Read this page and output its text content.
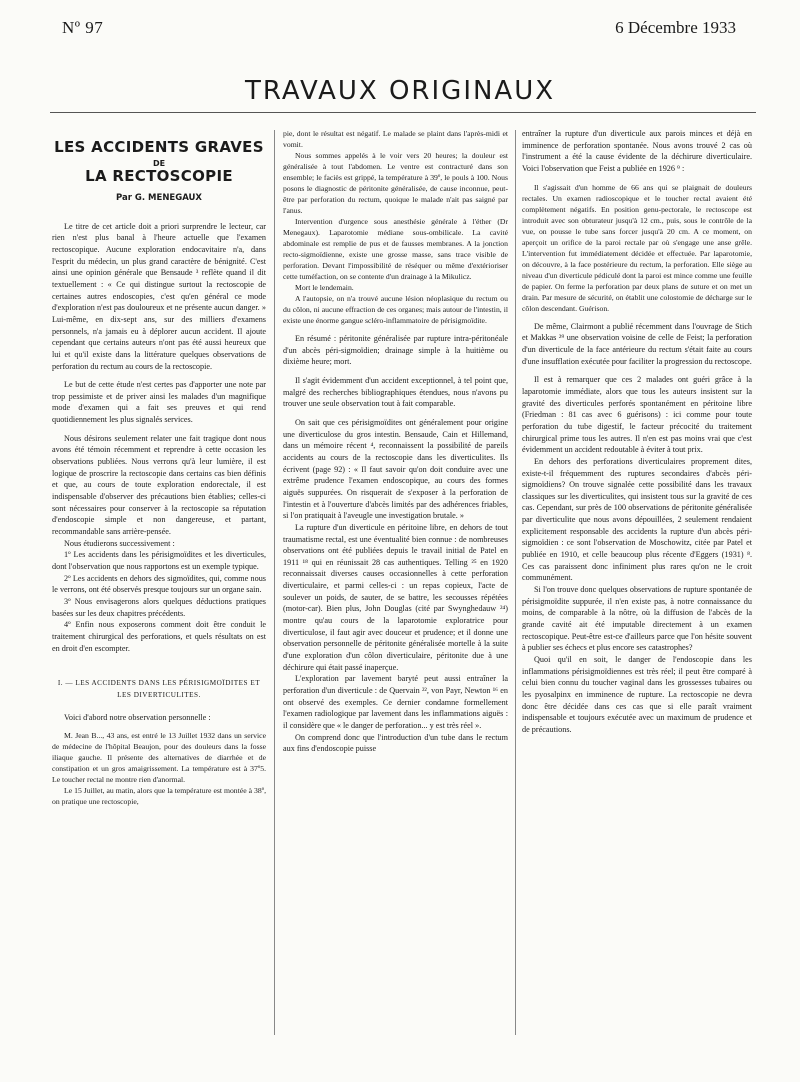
Nº 97	6 Décembre 1933
TRAVAUX ORIGINAUX
LES ACCIDENTS GRAVES
DE
LA RECTOSCOPIE
Par G. MENEGAUX

Le titre de cet article doit a priori surprendre le lecteur, car rien n'est plus banal à l'heure actuelle que l'examen rectoscopique. Aucune exploration endocavitaire n'a, dans l'esprit du médecin, un plus grand caractère de bénignité. C'est ainsi une opinion générale que Bensaude ³ reflète quand il dit textuellement : « Ce qui distingue surtout la rectoscopie de certaines autres endoscopies, c'est qu'en général ce mode d'exploration n'est pas douloureux et ne présente aucun danger. » Lui-même, en dix-sept ans, sur des milliers d'examens personnels, n'a jamais eu à déplorer aucun accident. Il ajoute cependant que certains auteurs n'ont pas été aussi heureux que lui et qu'il existe dans la littérature quelques observations de perforation du rectum au cours de la rectoscopie.

Le but de cette étude n'est certes pas d'apporter une note par trop pessimiste et de priver ainsi les malades d'un magnifique mode d'examen qui a fait ses preuves et qui rend quotidiennement les plus signalés services.

Nous désirons seulement relater une fait tragique dont nous avons été témoin récemment et reprendre à cette occasion les observations publiées. Nous verrons qu'à leur lumière, il est logique de proscrire la rectoscopie dans certains cas bien définis et que, au cours de toute exploration endorectale, il est indispensable d'observer des précautions bien établies; celles-ci sont nécessaires pour conserver à la rectoscopie sa réputation d'endoscopie simple et non dangereuse, et partant, recommandable sans arrière-pensée.

Nous étudierons successivement :

1º Les accidents dans les périsigmoïdites et les diverticules, dont l'observation que nous rapportons est un exemple typique.

2º Les accidents en dehors des sigmoïdites, qui, comme nous le verrons, ont été observés presque toujours sur un organe sain.

3º Nous envisagerons alors quelques déductions pratiques basées sur les deux chapitres précédents.

4º Enfin nous exposerons comment doit être conduit le traitement chirurgical des perforations, et quels résultats on est en droit d'en escompter.

I. — LES ACCIDENTS DANS LES PÉRISIGMOÏDITES ET LES DIVERTICULITES.

Voici d'abord notre observation personnelle :

M. Jean B..., 43 ans, est entré le 13 Juillet 1932 dans un service de médecine de l'hôpital Beaujon, pour des douleurs dans la fosse iliaque gauche. Il présente des alternatives de diarrhée et de constipation et un gros amaigrissement. La température est à 37º5. Le toucher rectal ne montre rien d'anormal.

Le 15 Juillet, au matin, alors que la température est montée à 38º, on pratique une rectoscopie,

pie, dont le résultat est négatif. Le malade se plaint dans l'après-midi et vomit.

Nous sommes appelés à le voir vers 20 heures; la douleur est généralisée à tout l'abdomen. Le ventre est contracturé dans son ensemble; le faciès est grippé, la température à 39º, le pouls à 100. Nous posons le diagnostic de péritonite généralisée, de cause inconnue, peut-être par perforation du rectum, quoique le malade n'ait pas saigné par l'anus.

Intervention d'urgence sous anesthésie générale à l'éther (Dr Menegaux). Laparotomie médiane sous-ombilicale. La cavité abdominale est remplie de pus et de fausses membranes. A la jonction recto-sigmoïdienne, existe une grosse masse, sans trace visible de perforation. Devant l'impossibilité de réséquer ou même d'extérioriser cette tuméfaction, on se contente d'un drainage à la Mikulicz.

Mort le lendemain.

A l'autopsie, on n'a trouvé aucune lésion néoplasique du rectum ou du côlon, ni aucune effraction de ces organes; mais autour de l'intestin, il existe une énorme gangue scléro-inflammatoire de périsigmoïdite.

En résumé : péritonite généralisée par rupture intra-péritonéale d'un abcès péri-sigmoïdien; drainage simple à la huitième ou dixième heure; mort.

Il s'agit évidemment d'un accident exceptionnel, à tel point que, malgré des recherches bibliographiques étendues, nous n'avons pu trouver une seule observation tout à fait comparable.

On sait que ces périsigmoïdites ont généralement pour origine une diverticulose du gros intestin. Bensaude, Cain et Hillemand, dans un mémoire récent ⁴, reconnaissent la possibilité de pareils accidents au cours de la rectoscopie dans les diverticulites. Ils écrivent (page 92) : « Il faut savoir qu'on doit conduire avec une extrême prudence l'examen endoscopique, au cours des formes aiguës suppurées. On risquerait de s'exposer à la perforation de l'intestin et à l'ouverture d'abcès limités par des adhérences friables, si l'on pratiquait à l'aveugle une investigation brutale. »

La rupture d'un diverticule en péritoine libre, en dehors de tout traumatisme rectal, est une éventualité bien connue : de nombreuses observations ont été publiées depuis le travail initial de Patel en 1911 ¹⁸ qui en réunissait 28 cas authentiques. Telling ²⁵ en 1920 reconnaissait diverses causes occasionnelles à cette perforation diverticulaire, et parmi celles-ci : un repas copieux, l'acte de soulever un poids, de sauter, de se battre, les secousses répétées (motor-car). Bien plus, John Douglas (cité par Swynghedauw ²⁴) montre qu'au cours de la laparotomie exploratrice pour diverticulose, il faut agir avec douceur et prudence; et il donne une observation personnelle de péritonite généralisée mortelle à la suite d'une exploration d'un côlon diverticulaire, péritonite due à une déchirure qui était passé inaperçue.

L'exploration par lavement baryté peut aussi entraîner la perforation d'un diverticule : de Quervain ²², von Payr, Newton ¹⁶ en ont observé des exemples. Ce dernier condamne formellement l'examen radiologique par lavement dans les inflammations aiguës : il considère que « le danger de perforation... y est très réel ».

On comprend donc que l'introduction d'un tube dans le rectum aux fins d'endoscopie puisse

entraîner la rupture d'un diverticule aux parois minces et déjà en imminence de perforation spontanée. Nous avons trouvé 2 cas où l'instrument a été la cause évidente de la déchirure diverticulaire. Voici l'observation que Feist a publiée en 1926 ⁹ :

Il s'agissait d'un homme de 66 ans qui se plaignait de douleurs rectales. Un examen radioscopique et le toucher rectal avaient été complètement négatifs. En position genu-pectorale, le rectoscope est introduit avec son obturateur jusqu'à 12 cm., puis, sous le contrôle de la vue, on pousse le tube sans forcer jusqu'à 20 cm. A ce moment, on aperçoit un orifice de la paroi rectale par où s'engage une anse grêle. L'intervention fut immédiatement décidée et effectuée. Par laparotomie, on découvre, à la face postérieure du rectum, la perforation. Elle siège au niveau d'un diverticule pédiculé dont la paroi est mince comme une feuille de papier. On ferme la perforation par deux plans de suture et on met un drain. Par mesure de sécurité, on établit une colostomie de décharge sur le côlon descendant. Guérison.

De même, Clairmont a publié récemment dans l'ouvrage de Stich et Makkas ²⁹ une observation voisine de celle de Feist; la perforation d'un diverticule de la face antérieure du rectum s'était faite au cours d'une insufflation exécutée pour faciliter la progression du rectoscope.

Il est à remarquer que ces 2 malades ont guéri grâce à la laparotomie immédiate, alors que tous les auteurs insistent sur la gravité des diverticules perforés spontanément en péritoine libre (Friedman : 81 cas avec 6 guérisons) : ici comme pour toute perforation du tube digestif, le facteur précocité du traitement chirurgical prime tous les autres. Il n'en est pas moins vrai que c'est évidemment un accident redoutable à éviter à tout prix.

En dehors des perforations diverticulaires proprement dites, existe-t-il fréquemment des ruptures secondaires d'abcès péri-sigmoïdiens? On trouve signalée cette possibilité dans les travaux classiques sur les diverticulites, qui insistent tous sur la gravité de ces cas. Cependant, sur près de 100 observations de péritonite généralisée par diverticulite que nous avons dépouillées, 2 seulement rendaient explicitement responsable des accidents la rupture d'un abcès péri-sigmoïdien : ce sont l'observation de Moschowitz, citée par Patel et publiée en 1910, et celle beaucoup plus récente d'Eggers (1931) ⁸. Ces cas paraissent donc infiniment plus rares qu'on ne le croit communément.

Si l'on trouve donc quelques observations de rupture spontanée de périsigmoïdite suppurée, il n'en existe pas, à notre connaissance du moins, de comparable à la nôtre, où la diffusion de l'abcès de la grande cavité ait été imputable directement à un examen rectoscopique. Peut-être est-ce d'ailleurs parce que l'on hésite souvent à publier ses échecs et plus encore ses catastrophes?

Quoi qu'il en soit, le danger de l'endoscopie dans les inflammations périsigmoïdiennes est très réel; il peut être comparé à celui bien connu du toucher vaginal dans les grossesses tubaires ou les pyosalpinx en imminence de rupture. La rectoscopie ne devra donc être décidée dans ces cas que si elle paraît vraiment indispensable et toujours exécutée avec un maximum de prudence et de précautions.
